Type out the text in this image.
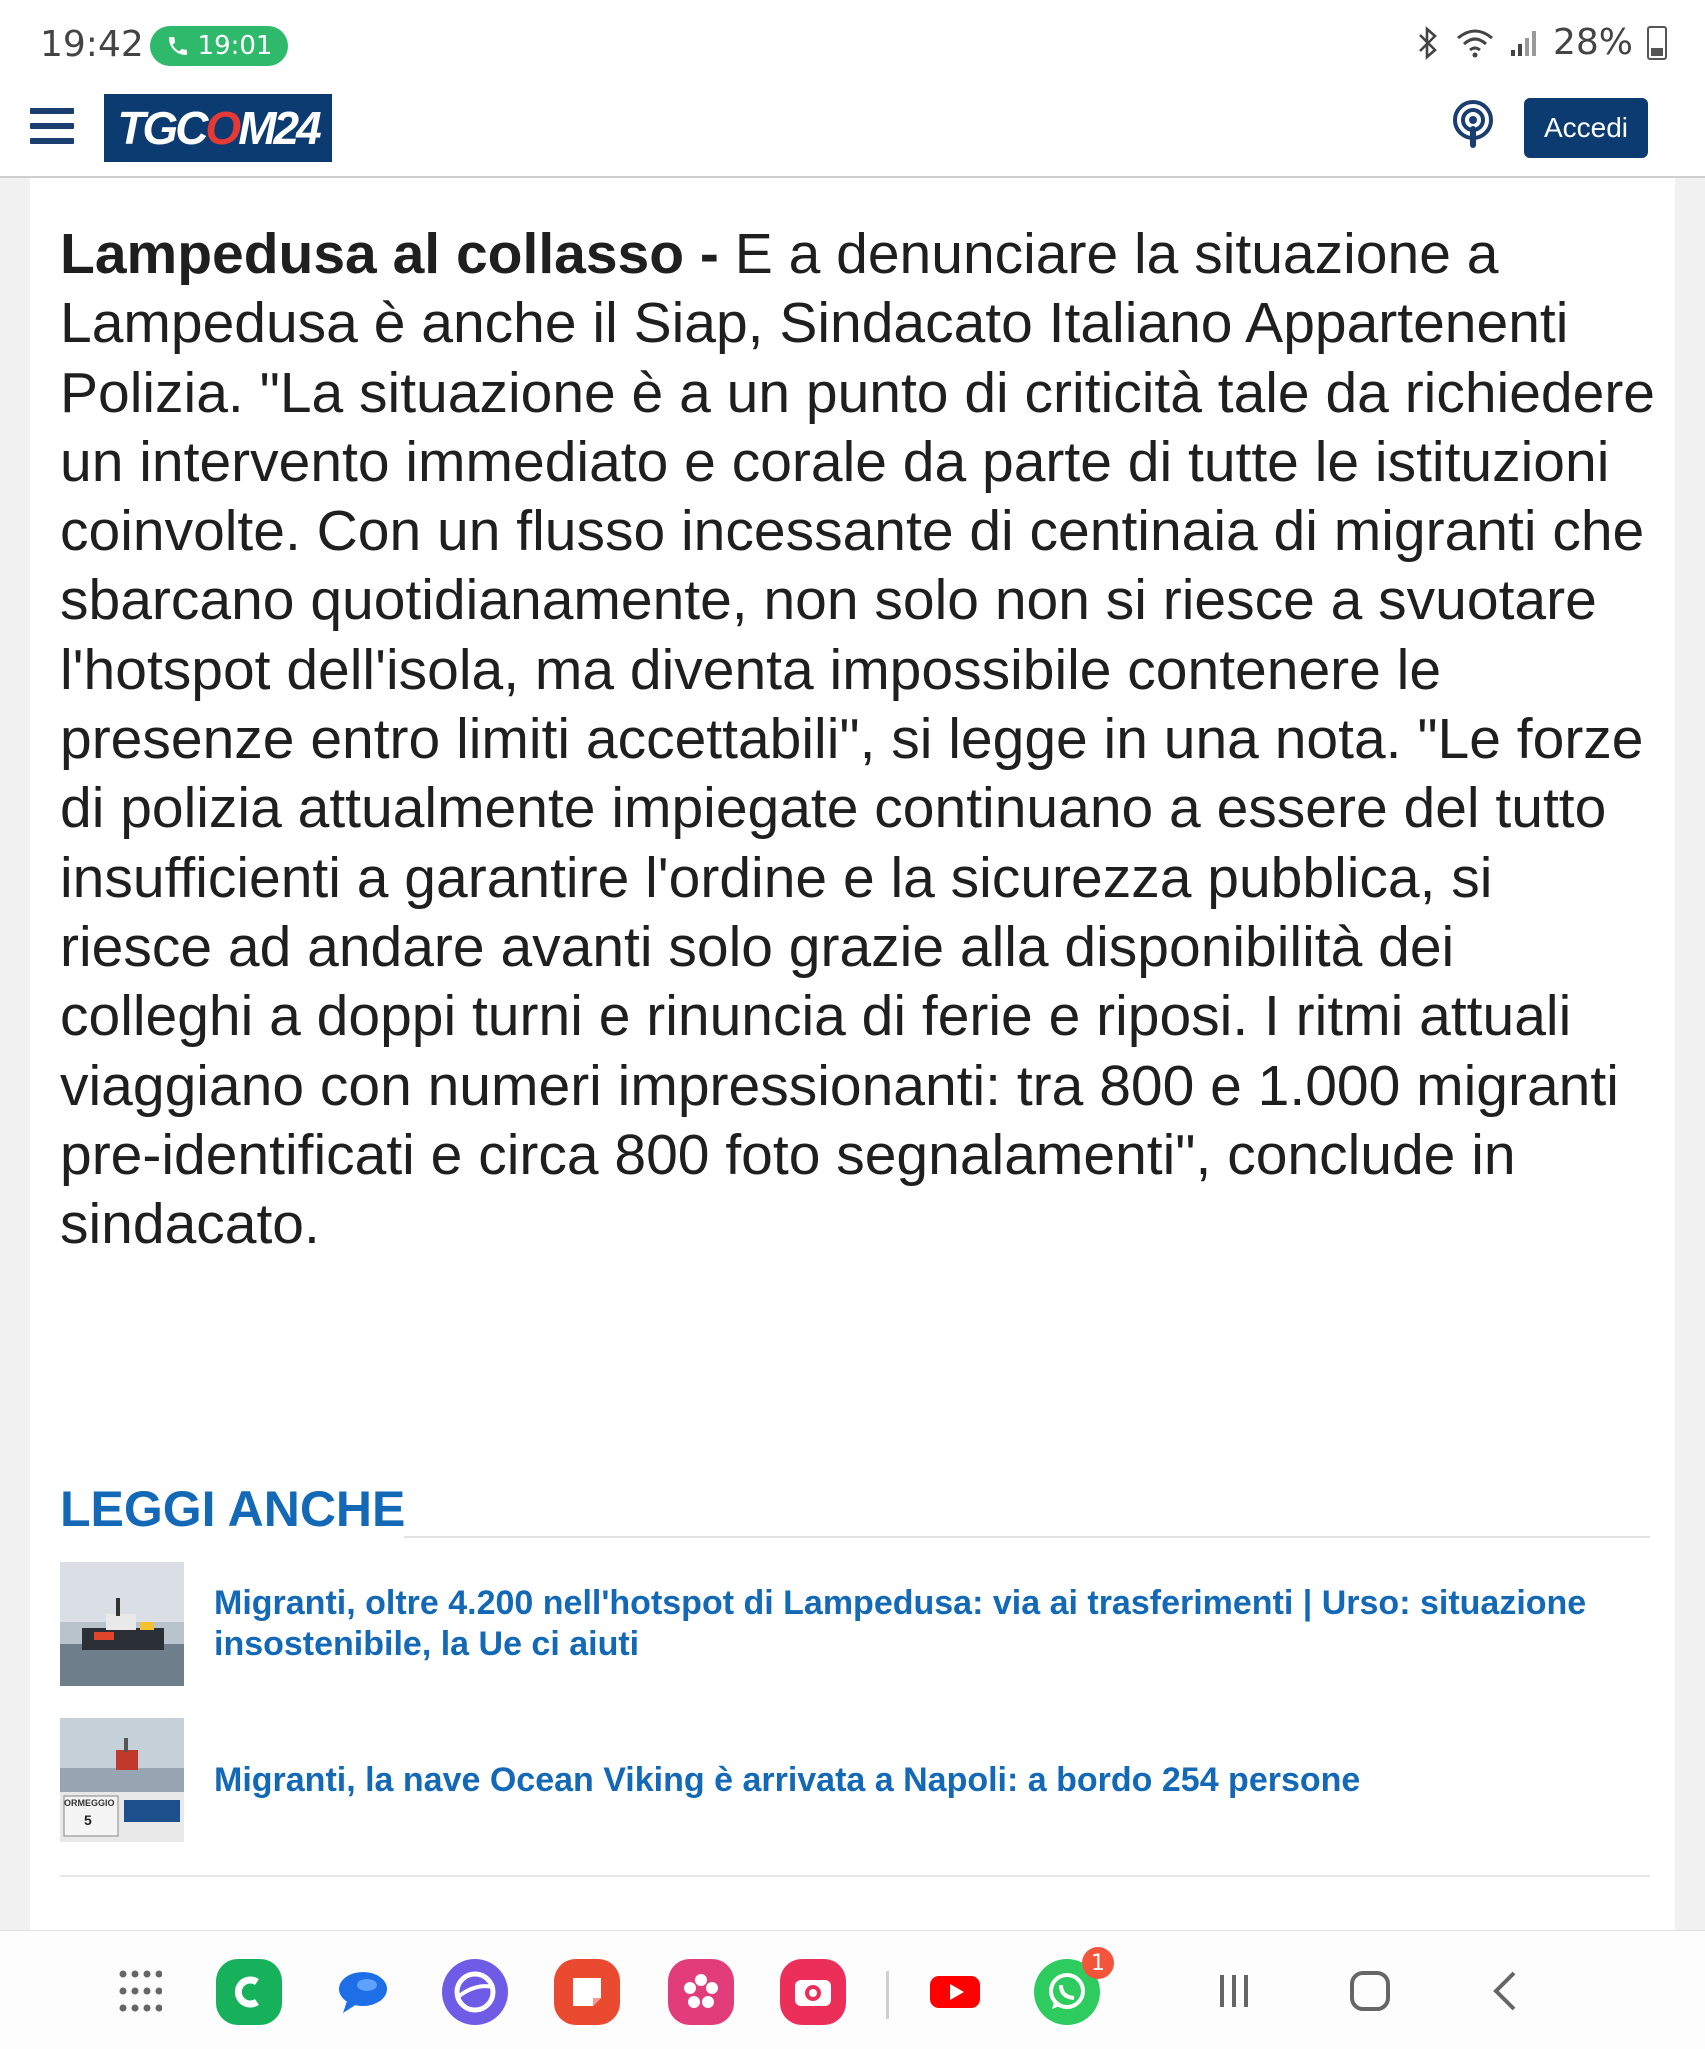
19:42 19:01	28%
TGC O M24	Accedi

Lampedusa al collasso - E a denunciare la situazione a Lampedusa è anche il Siap, Sindacato Italiano Appartenenti Polizia. "La situazione è a un punto di criticità tale da richiedere un intervento immediato e corale da parte di tutte le istituzioni coinvolte. Con un flusso incessante di centinaia di migranti che sbarcano quotidianamente, non solo non si riesce a svuotare l'hotspot dell'isola, ma diventa impossibile contenere le presenze entro limiti accettabili", si legge in una nota. "Le forze di polizia attualmente impiegate continuano a essere del tutto insufficienti a garantire l'ordine e la sicurezza pubblica, si riesce ad andare avanti solo grazie alla disponibilità dei colleghi a doppi turni e rinuncia di ferie e riposi. I ritmi attuali viaggiano con numeri impressionanti: tra 800 e 1.000 migranti pre-identificati e circa 800 foto segnalamenti", conclude in sindacato.

LEGGI ANCHE
Migranti, oltre 4.200 nell'hotspot di Lampedusa: via ai trasferimenti | Urso: situazione insostenibile, la Ue ci aiuti
ORMEGGIO
5
Migranti, la nave Ocean Viking è arrivata a Napoli: a bordo 254 persone
1
